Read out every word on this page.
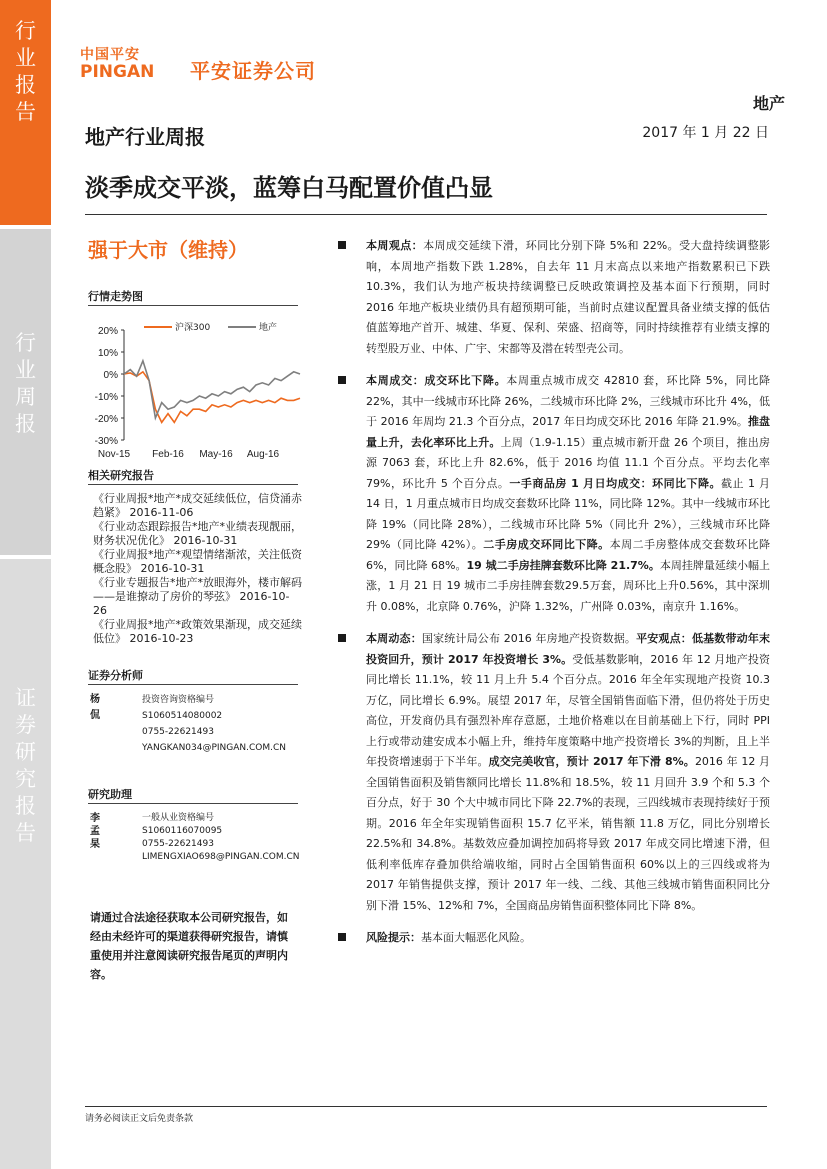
行
业
报
告
行
业
周
报
证
券
研
究
报
告
中国平安
PINGAN 平安证券公司
地产
地产行业周报	2017 年 1 月 22 日
淡季成交平淡，蓝筹白马配置价值凸显
强于大市（维持）
行情走势图
20%
10%
0%
-10%
-20%
-30%
Nov-15 Feb-16 May-16 Aug-16
沪深300	地产
相关研究报告

《行业周报*地产*成交延续低位，信贷涌赤趋紧》 2016-11-06

《行业动态跟踪报告*地产*业绩表现靓丽，财务状况优化》 2016-10-31

《行业周报*地产*观望情绪渐浓，关注低资概念股》 2016-10-31

《行业专题报告*地产*放眼海外，楼市解码——是谁撩动了房价的琴弦》 2016-10-26

《行业周报*地产*政策效果渐现，成交延续低位》 2016-10-23

证券分析师
杨侃
投资咨询资格编号
S1060514080002
0755-22621493
YANGKAN034@PINGAN.COM.CN
研究助理
李孟杲
一般从业资格编号
S1060116070095
0755-22621493
LIMENGXIAO698@PINGAN.COM.CN
请通过合法途径获取本公司研究报告，如经由未经许可的渠道获得研究报告，请慎重使用并注意阅读研究报告尾页的声明内容。
本周观点：本周成交延续下滑，环同比分别下降 5%和 22%。受大盘持续调整影响，本周地产指数下跌 1.28%，自去年 11 月末高点以来地产指数累积已下跌 10.3%，我们认为地产板块持续调整已反映政策调控及基本面下行预期，同时 2016 年地产板块业绩仍具有超预期可能，当前时点建议配置具备业绩支撑的低估值蓝筹地产首开、城建、华夏、保利、荣盛、招商等，同时持续推荐有业绩支撑的转型股万业、中体、广宇、宋都等及潜在转型壳公司。
本周成交：成交环比下降。本周重点城市成交 42810 套，环比降 5%，同比降 22%，其中一线城市环比降 26%，二线城市环比降 2%，三线城市环比升 4%，低于 2016 年周均 21.3 个百分点，2017 年日均成交环比 2016 年降 21.9%。推盘量上升，去化率环比上升。上周（1.9-1.15）重点城市新开盘 26 个项目，推出房源 7063 套，环比上升 82.6%，低于 2016 均值 11.1 个百分点。平均去化率 79%，环比升 5 个百分点。一手商品房 1 月日均成交：环同比下降。截止 1 月 14 日，1 月重点城市日均成交套数环比降 11%，同比降 12%。其中一线城市环比降 19%（同比降 28%），二线城市环比降 5%（同比升 2%），三线城市环比降 29%（同比降 42%）。二手房成交环同比下降。本周二手房整体成交套数环比降 6%，同比降 68%。19 城二手房挂牌套数环比降 21.7%。本周挂牌量延续小幅上涨，1 月 21 日 19 城市二手房挂牌套数29.5万套，周环比上升0.56%，其中深圳升 0.08%，北京降 0.76%，沪降 1.32%，广州降 0.03%，南京升 1.16%。
本周动态：国家统计局公布 2016 年房地产投资数据。平安观点：低基数带动年末投资回升，预计 2017 年投资增长 3%。受低基数影响，2016 年 12 月地产投资同比增长 11.1%，较 11 月上升 5.4 个百分点。2016 年全年实现地产投资 10.3 万亿，同比增长 6.9%。展望 2017 年，尽管全国销售面临下滑，但仍将处于历史高位，开发商仍具有强烈补库存意愿，土地价格难以在目前基础上下行，同时 PPI 上行或带动建安成本小幅上升，维持年度策略中地产投资增长 3%的判断，且上半年投资增速弱于下半年。成交完美收官，预计 2017 年下滑 8%。2016 年 12 月全国销售面积及销售额同比增长 11.8%和 18.5%，较 11 月回升 3.9 个和 5.3 个百分点，好于 30 个大中城市同比下降 22.7%的表现，三四线城市表现持续好于预期。2016 年全年实现销售面积 15.7 亿平米，销售额 11.8 万亿，同比分别增长 22.5%和 34.8%。基数效应叠加调控加码将导致 2017 年成交同比增速下滑，但低利率低库存叠加供给端收缩，同时占全国销售面积 60%以上的三四线或将为 2017 年销售提供支撑，预计 2017 年一线、二线、其他三线城市销售面积同比分别下滑 15%、12%和 7%，全国商品房销售面积整体同比下降 8%。
风险提示：基本面大幅恶化风险。
请务必阅读正文后免责条款
